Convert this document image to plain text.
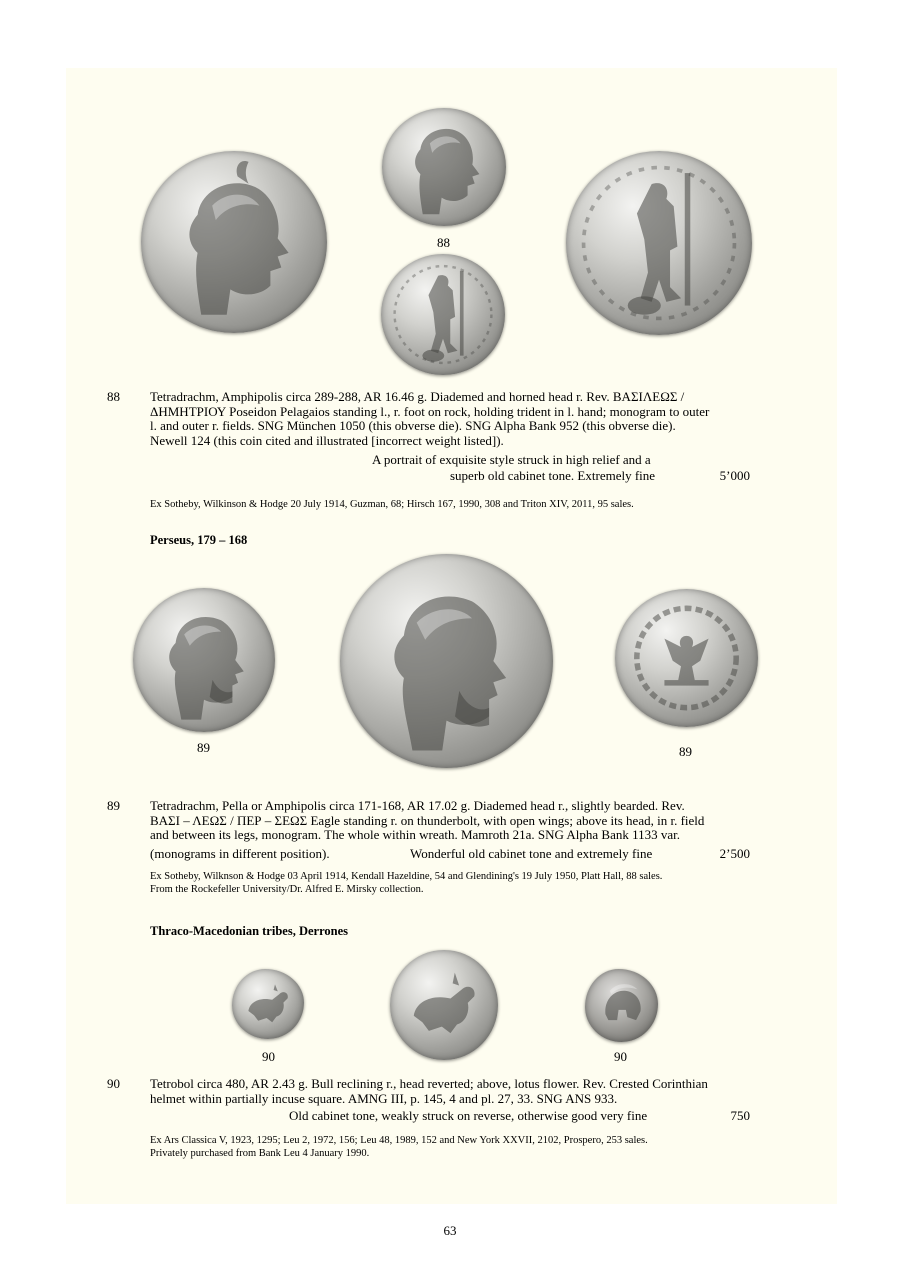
88
88 Tetradrachm, Amphipolis circa 289-288, AR 16.46 g. Diademed and horned head r. Rev. ΒΑΣΙΛΕΩΣ /
ΔΗΜΗΤΡΙΟΥ Poseidon Pelagaios standing l., r. foot on rock, holding trident in l. hand; monogram to outer
l. and outer r. fields. SNG München 1050 (this obverse die). SNG Alpha Bank 952 (this obverse die).
Newell 124 (this coin cited and illustrated [incorrect weight listed]).
A portrait of exquisite style struck in high relief and a
superb old cabinet tone. Extremely fine	5’000
Ex Sotheby, Wilkinson & Hodge 20 July 1914, Guzman, 68; Hirsch 167, 1990, 308 and Triton XIV, 2011, 95 sales.
Perseus, 179 – 168
89	89
89 Tetradrachm, Pella or Amphipolis circa 171-168, AR 17.02 g. Diademed head r., slightly bearded. Rev.
ΒΑΣΙ – ΛΕΩΣ / ΠΕΡ – ΣΕΩΣ Eagle standing r. on thunderbolt, with open wings; above its head, in r. field
and between its legs, monogram. The whole within wreath. Mamroth 21a. SNG Alpha Bank 1133 var.
(monograms in different position).	Wonderful old cabinet tone and extremely fine	2’500
Ex Sotheby, Wilknson & Hodge 03 April 1914, Kendall Hazeldine, 54 and Glendining's 19 July 1950, Platt Hall, 88 sales.
From the Rockefeller University/Dr. Alfred E. Mirsky collection.
Thraco-Macedonian tribes, Derrones
90	90
90 Tetrobol circa 480, AR 2.43 g. Bull reclining r., head reverted; above, lotus flower. Rev. Crested Corinthian
helmet within partially incuse square. AMNG III, p. 145, 4 and pl. 27, 33. SNG ANS 933.
Old cabinet tone, weakly struck on reverse, otherwise good very fine	750
Ex Ars Classica V, 1923, 1295; Leu 2, 1972, 156; Leu 48, 1989, 152 and New York XXVII, 2102, Prospero, 253 sales.
Privately purchased from Bank Leu 4 January 1990.
63
